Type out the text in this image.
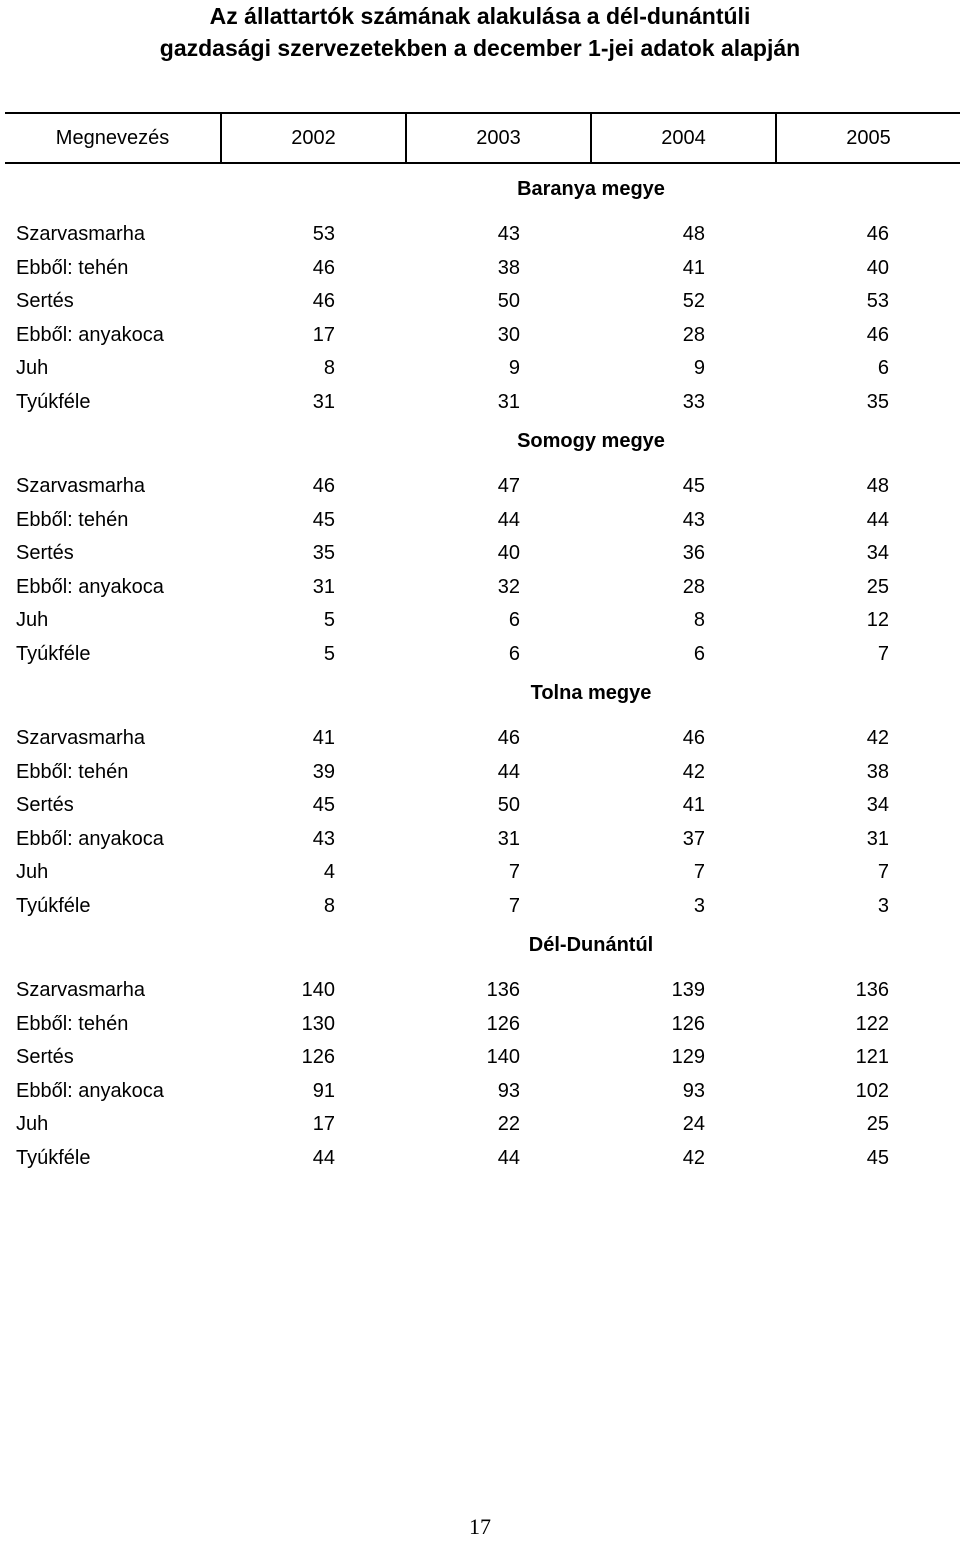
Az állattartók számának alakulása a dél-dunántúli
gazdasági szervezetekben a december 1-jei adatok alapján
Megnevezés	2002	2003	2004	2005
Baranya megye
Szarvasmarha	53	43	48	46
Ebből: tehén	46	38	41	40
Sertés	46	50	52	53
Ebből: anyakoca	17	30	28	46
Juh	8	9	9	6
Tyúkféle	31	31	33	35
Somogy megye
Szarvasmarha	46	47	45	48
Ebből: tehén	45	44	43	44
Sertés	35	40	36	34
Ebből: anyakoca	31	32	28	25
Juh	5	6	8	12
Tyúkféle	5	6	6	7
Tolna megye
Szarvasmarha	41	46	46	42
Ebből: tehén	39	44	42	38
Sertés	45	50	41	34
Ebből: anyakoca	43	31	37	31
Juh	4	7	7	7
Tyúkféle	8	7	3	3
Dél-Dunántúl
Szarvasmarha	140	136	139	136
Ebből: tehén	130	126	126	122
Sertés	126	140	129	121
Ebből: anyakoca	91	93	93	102
Juh	17	22	24	25
Tyúkféle	44	44	42	45
17
